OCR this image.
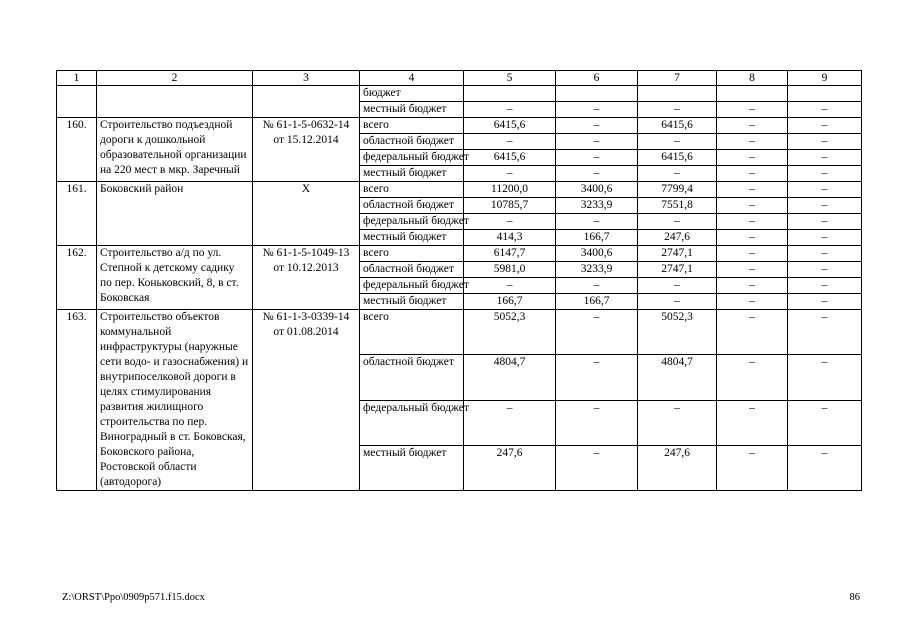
1	2	3	4	5	6	7	8	9
			бюджет					
			местный бюджет	–	–	–	–	–
160.	Строительство подъездной дороги к дошкольной образовательной организации на 220 мест в мкр. Заречный	№ 61-1-5-0632-14 от 15.12.2014	всего	6415,6	–	6415,6	–	–
			областной бюджет	–	–	–	–	–
			федеральный бюджет	6415,6	–	6415,6	–	–
			местный бюджет	–	–	–	–	–
161.	Боковский район	Х	всего	11200,0	3400,6	7799,4	–	–
			областной бюджет	10785,7	3233,9	7551,8	–	–
			федеральный бюджет	–	–	–	–	–
			местный бюджет	414,3	166,7	247,6	–	–
162.	Строительство а/д по ул. Степной к детскому садику по пер. Коньковский, 8, в ст. Боковская	№ 61-1-5-1049-13 от 10.12.2013	всего	6147,7	3400,6	2747,1	–	–
			областной бюджет	5981,0	3233,9	2747,1	–	–
			федеральный бюджет	–	–	–	–	–
			местный бюджет	166,7	166,7	–	–	–
163.	Строительство объектов коммунальной инфраструктуры (наружные сети водо- и газоснабжения) и внутрипоселковой дороги в целях стимулирования развития жилищного строительства по пер. Виноградный в ст. Боковская, Боковского района, Ростовской области (автодорога)	№ 61-1-3-0339-14 от 01.08.2014	всего	5052,3	–	5052,3	–	–
			областной бюджет	4804,7	–	4804,7	–	–
			федеральный бюджет	–	–	–	–	–
			местный бюджет	247,6	–	247,6	–	–
Z:\ORST\Ppo\0909p571.f15.docx	86
